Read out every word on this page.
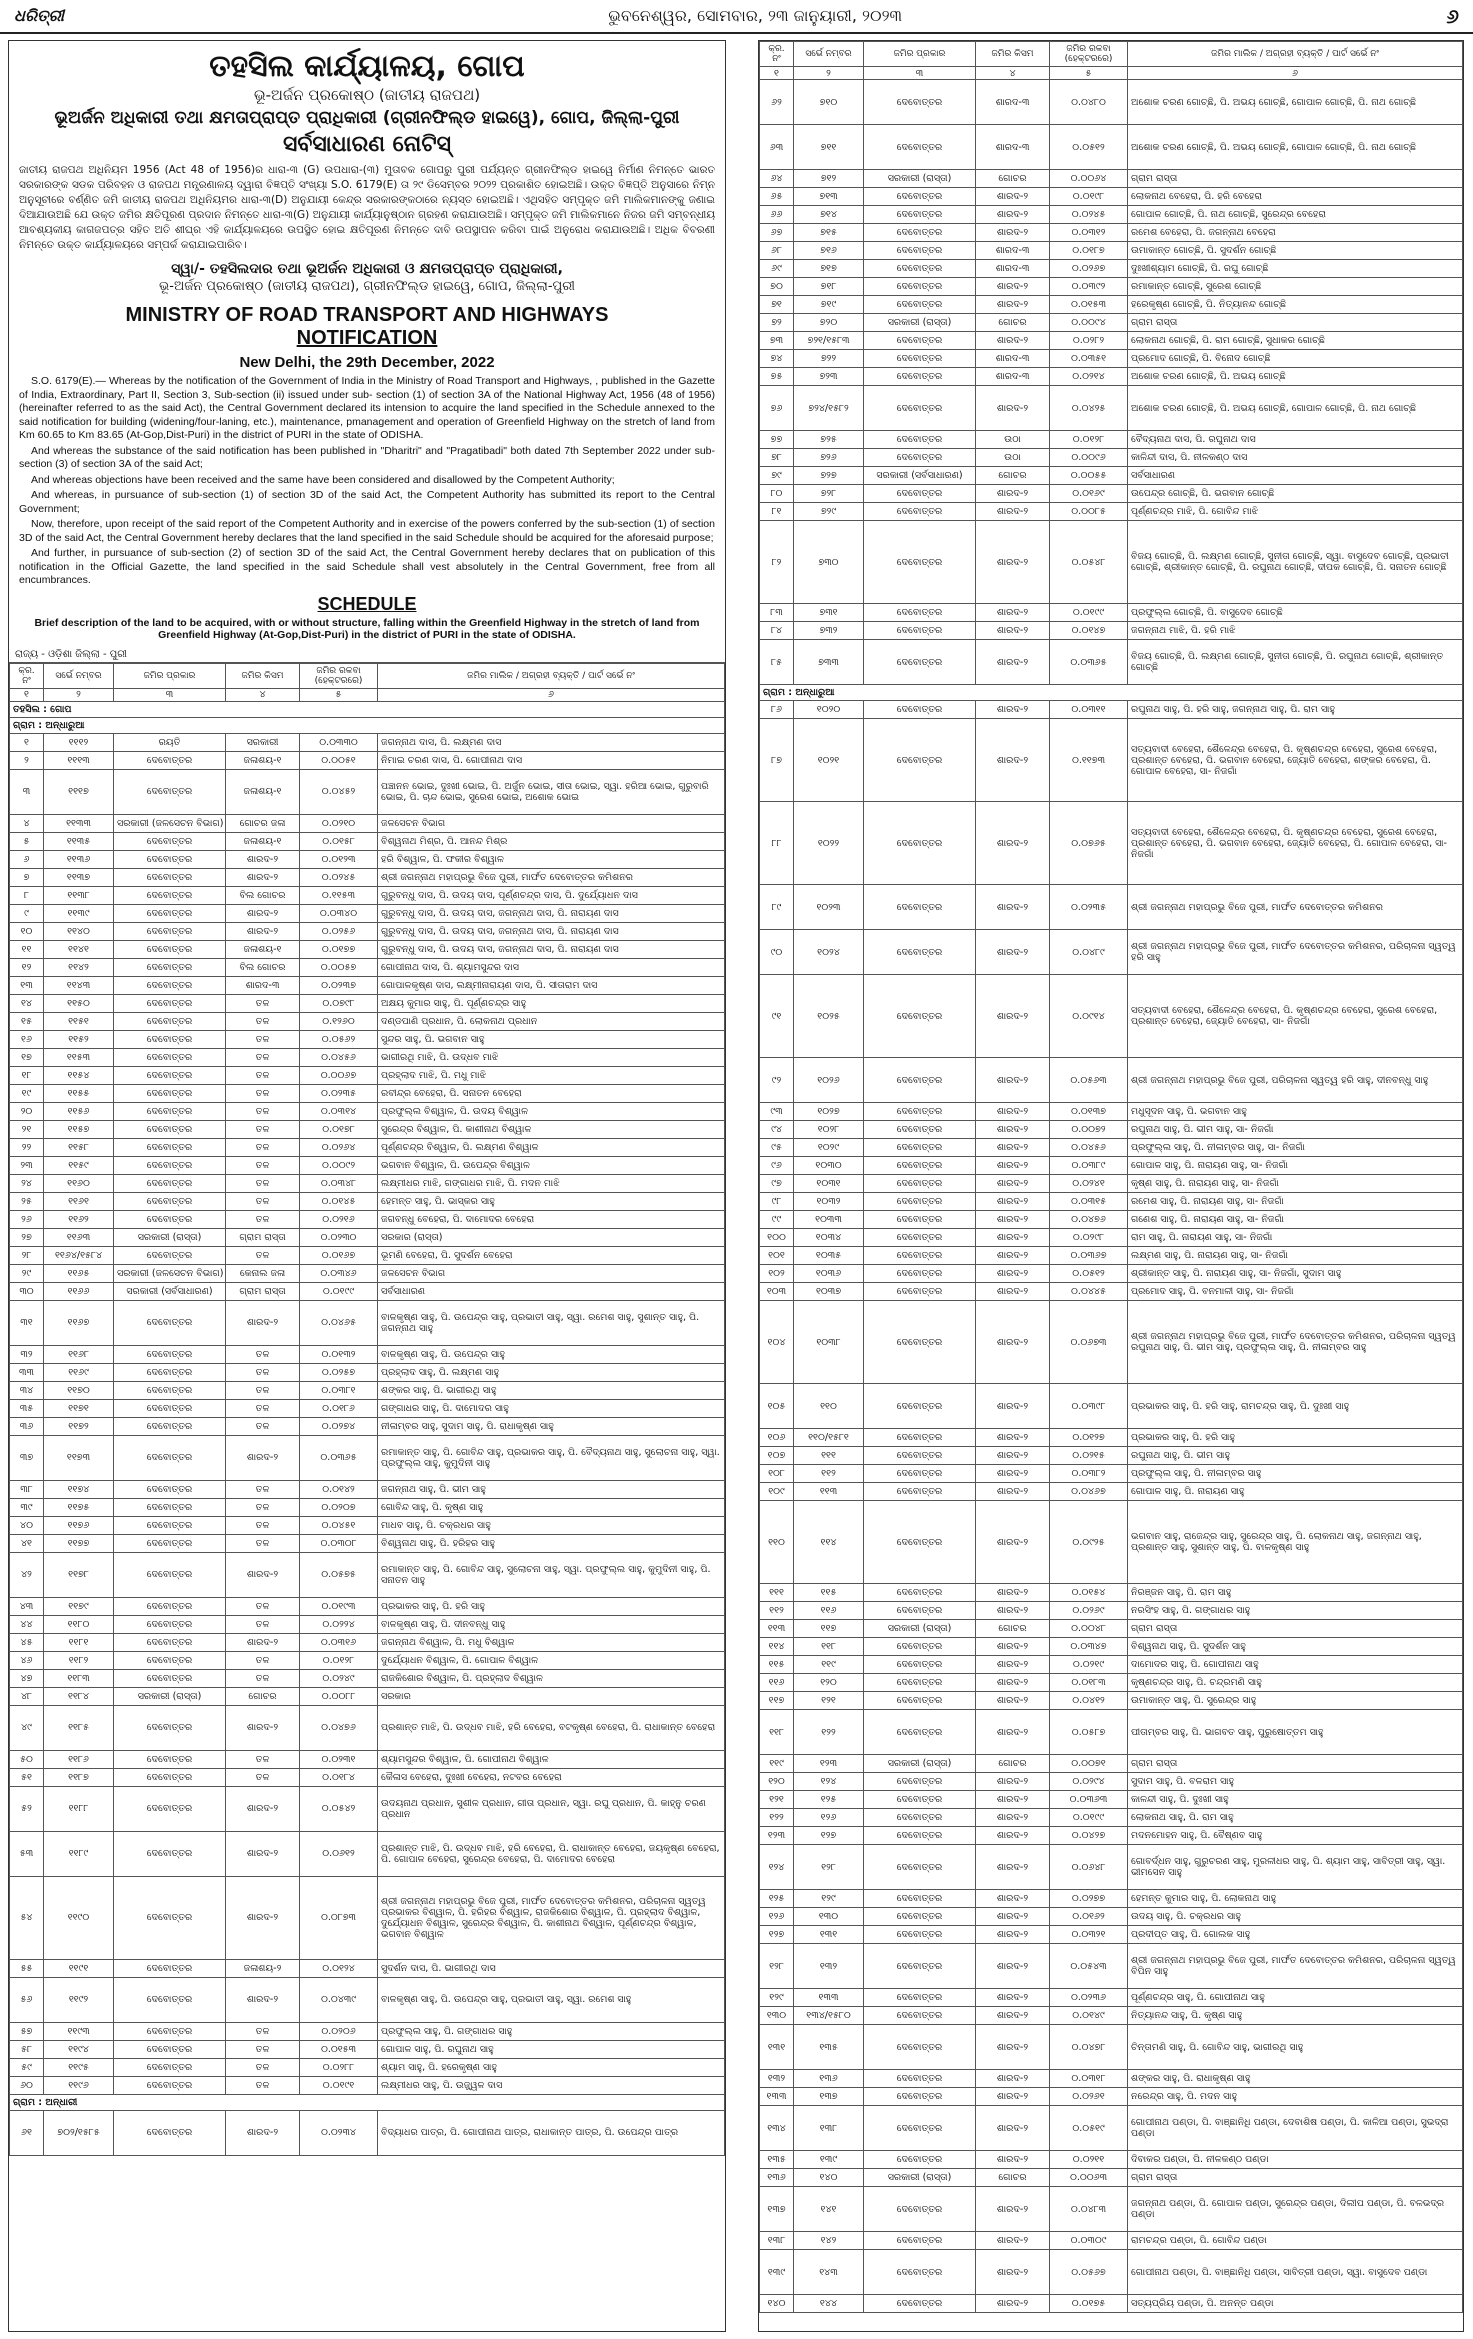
ଧରିତ୍ରୀ	ଭୁବନେଶ୍ୱର, ସୋମବାର, ୨୩ ଜାନୁୟାରୀ, ୨୦୨୩	୬
ତହସିଲ କାର୍ଯ୍ୟାଳୟ, ଗୋପ
ଭୂ-ଅର୍ଜନ ପ୍ରକୋଷ୍ଠ (ଜାତୀୟ ରାଜପଥ)
ଭୂଅର୍ଜନ ଅଧିକାରୀ ତଥା କ୍ଷମତାପ୍ରାପ୍ତ ପ୍ରାଧିକାରୀ (ଗ୍ରୀନଫିଲ୍ଡ ହାଇୱେ), ଗୋପ, ଜିଲ୍ଲା-ପୁରୀ
ସର୍ବସାଧାରଣ ନୋଟିସ୍

ଜାତୀୟ ରାଜପଥ ଅଧିନିୟମ 1956 (Act 48 of 1956)ର ଧାରା-୩ (G) ଉପଧାରା-(୩) ମୁତାବକ ଗୋପରୁ ପୁରୀ ପର୍ଯ୍ୟନ୍ତ ଗ୍ରୀନଫିଲ୍ଡ ହାଇୱେ ନିର୍ମାଣ ନିମନ୍ତେ ଭାରତ ସରକାରଙ୍କ ସଡକ ପରିବହନ ଓ ରାଜପଥ ମନ୍ତ୍ରଣାଳୟ ଦ୍ୱାରା ବିଜ୍ଞପ୍ତି ସଂଖ୍ୟା S.O. 6179(E) ତା ୨୯ ଡିସେମ୍ବର ୨୦୨୨ ପ୍ରକାଶିତ ହୋଇଅଛି। ଉକ୍ତ ବିଜ୍ଞପ୍ତି ଅନୁସାରେ ନିମ୍ନ ଅନୁସୂଚୀରେ ବର୍ଣ୍ଣିତ ଜମି ଜାତୀୟ ରାଜପଥ ଅଧିନିୟମର ଧାରା-୩(D) ଅନୁଯାୟୀ କେନ୍ଦ୍ର ସରକାରଙ୍କଠାରେ ନ୍ୟସ୍ତ ହୋଇଅଛି। ଏଥିସହିତ ସମ୍ପୃକ୍ତ ଜମି ମାଲିକମାନଙ୍କୁ ଜଣାଇ ଦିଆଯାଉଅଛି ଯେ ଉକ୍ତ ଜମିର କ୍ଷତିପୂରଣ ପ୍ରଦାନ ନିମନ୍ତେ ଧାରା-୩(G) ଅନୁଯାୟୀ କାର୍ଯ୍ୟାନୁଷ୍ଠାନ ଗ୍ରହଣ କରାଯାଉଅଛି। ସମ୍ପୃକ୍ତ ଜମି ମାଲିକମାନେ ନିଜର ଜମି ସମ୍ବନ୍ଧୀୟ ଆବଶ୍ୟକୀୟ କାଗଜପତ୍ର ସହିତ ଅତି ଶୀଘ୍ର ଏହି କାର୍ଯ୍ୟାଳୟରେ ଉପସ୍ଥିତ ହୋଇ କ୍ଷତିପୂରଣ ନିମନ୍ତେ ଦାବି ଉପସ୍ଥାପନ କରିବା ପାଇଁ ଅନୁରୋଧ କରାଯାଉଅଛି। ଅଧିକ ବିବରଣୀ ନିମନ୍ତେ ଉକ୍ତ କାର୍ଯ୍ୟାଳୟରେ ସମ୍ପର୍କ କରାଯାଇପାରିବ।

ସ୍ୱା/- ତହସିଲଦାର ତଥା ଭୂଅର୍ଜନ ଅଧିକାରୀ ଓ କ୍ଷମତାପ୍ରାପ୍ତ ପ୍ରାଧିକାରୀ,
ଭୂ-ଅର୍ଜନ ପ୍ରକୋଷ୍ଠ (ଜାତୀୟ ରାଜପଥ), ଗ୍ରୀନଫିଲ୍ଡ ହାଇୱେ, ଗୋପ, ଜିଲ୍ଲା-ପୁରୀ
MINISTRY OF ROAD TRANSPORT AND HIGHWAYS
NOTIFICATION
New Delhi, the 29th December, 2022

S.O. 6179(E).— Whereas by the notification of the Government of India in the Ministry of Road Transport and Highways, , published in the Gazette of India, Extraordinary, Part II, Section 3, Sub-section (ii) issued under sub- section (1) of section 3A of the National Highway Act, 1956 (48 of 1956) (hereinafter referred to as the said Act), the Central Government declared its intension to acquire the land specified in the Schedule annexed to the said notification for building (widening/four-laning, etc.), maintenance, pmanagement and operation of Greenfield Highway on the stretch of land from Km 60.65 to Km 83.65 (At-Gop,Dist-Puri) in the district of PURI in the state of ODISHA.

And whereas the substance of the said notification has been published in "Dharitri" and "Pragatibadi" both dated 7th September 2022 under sub-section (3) of section 3A of the said Act;

And whereas objections have been received and the same have been considered and disallowed by the Competent Authority;

And whereas, in pursuance of sub-section (1) of section 3D of the said Act, the Competent Authority has submitted its report to the Central Government;

Now, therefore, upon receipt of the said report of the Competent Authority and in exercise of the powers conferred by the sub-section (1) of section 3D of the said Act, the Central Government hereby declares that the land specified in the said Schedule should be acquired for the aforesaid purpose;

And further, in pursuance of sub-section (2) of section 3D of the said Act, the Central Government hereby declares that on publication of this notification in the Official Gazette, the land specified in the said Schedule shall vest absolutely in the Central Government, free from all encumbrances.

SCHEDULE
Brief description of the land to be acquired, with or without structure, falling within the Greenfield Highway in the stretch of land from Greenfield Highway (At-Gop,Dist-Puri) in the district of PURI in the state of ODISHA.
ରାଜ୍ୟ - ଓଡ଼ିଶା ଜିଲ୍ଲା - ପୁରୀ
କ୍ର. ନଂ	ସର୍ଭେ ନମ୍ବର	ଜମିର ପ୍ରକାର	ଜମିର କିସମ	ଜମିର ରକବା (ହେକ୍ଟରରେ)	ଜମିର ମାଲିକ / ଅଗ୍ରହୀ ବ୍ୟକ୍ତି / ପାର୍ଟ ସର୍ଭେ ନଂ
୧	୨	୩	୪	୫	୬
ତହସିଲ : ଗୋପ					
ଗ୍ରାମ : ଅନ୍ଧାରୁଆ					
୧	୧୧୧୨	ରୟତି	ସରକାରୀ	୦.୦୩୩୦	ଜଗନ୍ନାଥ ଦାସ, ପି. ଲକ୍ଷ୍ମଣ ଦାସ
୨	୧୧୧୩	ଦେବୋତ୍ତର	ଜଳାଶୟ-୧	୦.୦୦୫୧	ନିମାଇ ଚରଣ ଦାସ, ପି. ଗୋପୀନାଥ ଦାସ
୩	୧୧୧୭	ଦେବୋତ୍ତର	ଜଳାଶୟ-୧	୦.୦୪୫୨	ପଞ୍ଚାନନ ଭୋଇ, ଦୁଃଖୀ ଭୋଇ, ପି. ଅର୍ଜୁନ ଭୋଇ, ସୀତା ଭୋଇ, ସ୍ୱା. ହରିଆ ଭୋଇ, ଗୁରୁବାରି ଭୋଇ, ପି. ଚାନ୍ଦ ଭୋଇ, ସୁରେଶ ଭୋଇ, ଅଶୋକ ଭୋଇ
୪	୧୧୩୩	ସରକାରୀ (ଜଳସେଚନ ବିଭାଗ)	ଗୋଚର ଜଳା	୦.୦୨୧୦	ଜଳସେଚନ ବିଭାଗ
୫	୧୧୩୫	ଦେବୋତ୍ତର	ଜଳାଶୟ-୧	୦.୦୧୫୮	ବିଶ୍ୱନାଥ ମିଶ୍ର, ପି. ଆନନ୍ଦ ମିଶ୍ର
୬	୧୧୩୬	ଦେବୋତ୍ତର	ଶାରଦ-୨	୦.୦୧୨୩	ହରି ବିଶ୍ୱାଳ, ପି. ଫକୀର ବିଶ୍ୱାଳ
୭	୧୧୩୭	ଦେବୋତ୍ତର	ଶାରଦ-୨	୦.୦୨୪୫	ଶ୍ରୀ ଜଗନ୍ନାଥ ମହାପ୍ରଭୁ ବିଜେ ପୁରୀ, ମାର୍ଫତ ଦେବୋତ୍ତର କମିଶନର
୮	୧୧୩୮	ଦେବୋତ୍ତର	ବିଲ ଗୋଚର	୦.୧୧୫୩	ଗୁରୁବନ୍ଧୁ ଦାସ, ପି. ଉଦୟ ଦାସ, ପୂର୍ଣ୍ଣଚନ୍ଦ୍ର ଦାସ, ପି. ଦୁର୍ଯ୍ୟୋଧନ ଦାସ
୯	୧୧୩୯	ଦେବୋତ୍ତର	ଶାରଦ-୨	୦.୦୩୪୦	ଗୁରୁବନ୍ଧୁ ଦାସ, ପି. ଉଦୟ ଦାସ, ଜଗନ୍ନାଥ ଦାସ, ପି. ନାରାୟଣ ଦାସ
୧୦	୧୧୪୦	ଦେବୋତ୍ତର	ଶାରଦ-୨	୦.୦୨୫୬	ଗୁରୁବନ୍ଧୁ ଦାସ, ପି. ଉଦୟ ଦାସ, ଜଗନ୍ନାଥ ଦାସ, ପି. ନାରାୟଣ ଦାସ
୧୧	୧୧୪୧	ଦେବୋତ୍ତର	ଜଳାଶୟ-୧	୦.୦୧୭୭	ଗୁରୁବନ୍ଧୁ ଦାସ, ପି. ଉଦୟ ଦାସ, ଜଗନ୍ନାଥ ଦାସ, ପି. ନାରାୟଣ ଦାସ
୧୨	୧୧୪୨	ଦେବୋତ୍ତର	ବିଲ ଗୋଚର	୦.୦୦୫୭	ଗୋପୀନାଥ ଦାସ, ପି. ଶ୍ୟାମସୁନ୍ଦର ଦାସ
୧୩	୧୧୪୩	ଦେବୋତ୍ତର	ଶାରଦ-୩	୦.୦୨୩୭	ଗୋପାଳକୃଷ୍ଣ ଦାସ, ଲକ୍ଷ୍ମୀନାରାୟଣ ଦାସ, ପି. ସୀତାରାମ ଦାସ
୧୪	୧୧୫୦	ଦେବୋତ୍ତର	ତଳ	୦.୦୭୯୮	ଅକ୍ଷୟ କୁମାର ସାହୁ, ପି. ପୂର୍ଣ୍ଣଚନ୍ଦ୍ର ସାହୁ
୧୫	୧୧୫୧	ଦେବୋତ୍ତର	ତଳ	୦.୧୨୬୦	ଦଣ୍ଡପାଣି ପ୍ରଧାନ, ପି. ଲୋକନାଥ ପ୍ରଧାନ
୧୬	୧୧୫୨	ଦେବୋତ୍ତର	ତଳ	୦.୦୫୬୨	ସୁନ୍ଦର ସାହୁ, ପି. ଭଗବାନ ସାହୁ
୧୭	୧୧୫୩	ଦେବୋତ୍ତର	ତଳ	୦.୦୪୫୬	ଭାଗୀରଥି ମାଝି, ପି. ଉଦ୍ଧବ ମାଝି
୧୮	୧୧୫୪	ଦେବୋତ୍ତର	ତଳ	୦.୦୦୬୭	ପ୍ରହ୍ଲାଦ ମାଝି, ପି. ମଧୁ ମାଝି
୧୯	୧୧୫୫	ଦେବୋତ୍ତର	ତଳ	୦.୦୨୩୫	ରବୀନ୍ଦ୍ର ବେହେରା, ପି. ସନାତନ ବେହେରା
୨୦	୧୧୫୬	ଦେବୋତ୍ତର	ତଳ	୦.୦୩୧୪	ପ୍ରଫୁଲ୍ଲ ବିଶ୍ୱାଳ, ପି. ଉଦୟ ବିଶ୍ୱାଳ
୨୧	୧୧୫୭	ଦେବୋତ୍ତର	ତଳ	୦.୦୧୭୮	ସୁରେନ୍ଦ୍ର ବିଶ୍ୱାଳ, ପି. କାଶୀନାଥ ବିଶ୍ୱାଳ
୨୨	୧୧୫୮	ଦେବୋତ୍ତର	ତଳ	୦.୦୨୬୪	ପୂର୍ଣ୍ଣଚନ୍ଦ୍ର ବିଶ୍ୱାଳ, ପି. ଲକ୍ଷ୍ମଣ ବିଶ୍ୱାଳ
୨୩	୧୧୫୯	ଦେବୋତ୍ତର	ତଳ	୦.୦୦୯୨	ଭଗବାନ ବିଶ୍ୱାଳ, ପି. ଉପେନ୍ଦ୍ର ବିଶ୍ୱାଳ
୨୪	୧୧୬୦	ଦେବୋତ୍ତର	ତଳ	୦.୦୩୪୮	ଲକ୍ଷ୍ମୀଧର ମାଝି, ଗଙ୍ଗାଧର ମାଝି, ପି. ମଦନ ମାଝି
୨୫	୧୧୬୧	ଦେବୋତ୍ତର	ତଳ	୦.୦୧୪୫	ହେମନ୍ତ ସାହୁ, ପି. ଭାସ୍କର ସାହୁ
୨୬	୧୧୬୨	ଦେବୋତ୍ତର	ତଳ	୦.୦୨୧୬	ଜଗବନ୍ଧୁ ବେହେରା, ପି. ଦାମୋଦର ବେହେରା
୨୭	୧୧୬୩	ସରକାରୀ (ରାସ୍ତା)	ଗ୍ରାମ ରାସ୍ତା	୦.୦୨୩୦	ସରକାର (ରାସ୍ତା)
୨୮	୧୧୬୪/୧୫୮୪	ଦେବୋତ୍ତର	ତଳ	୦.୦୧୬୭	ଭୂମଣି ବେହେରା, ପି. ସୁଦର୍ଶନ ବେହେରା
୨୯	୧୧୬୫	ସରକାରୀ (ଜଳସେଚନ ବିଭାଗ)	କେନାଲ ଜଳା	୦.୦୩୪୬	ଜଳସେଚନ ବିଭାଗ
୩୦	୧୧୬୬	ସରକାରୀ (ସର୍ବସାଧାରଣ)	ଗ୍ରାମ ରାସ୍ତା	୦.୦୧୯୯	ସର୍ବସାଧାରଣ
୩୧	୧୧୬୭	ଦେବୋତ୍ତର	ଶାରଦ-୨	୦.୦୪୬୫	ବାଳକୃଷ୍ଣ ସାହୁ, ପି. ଉପେନ୍ଦ୍ର ସାହୁ, ପ୍ରଭାତୀ ସାହୁ, ସ୍ୱା. ରମେଶ ସାହୁ, ସୁଶାନ୍ତ ସାହୁ, ପି. ଜଗନ୍ନାଥ ସାହୁ
୩୨	୧୧୬୮	ଦେବୋତ୍ତର	ତଳ	୦.୦୧୩୨	ବାଳକୃଷ୍ଣ ସାହୁ, ପି. ଉପେନ୍ଦ୍ର ସାହୁ
୩୩	୧୧୬୯	ଦେବୋତ୍ତର	ତଳ	୦.୦୨୫୭	ପ୍ରହ୍ଲାଦ ସାହୁ, ପି. ଲକ୍ଷ୍ମଣ ସାହୁ
୩୪	୧୧୭୦	ଦେବୋତ୍ତର	ତଳ	୦.୦୩୮୧	ଶଙ୍କର ସାହୁ, ପି. ଭାଗୀରଥି ସାହୁ
୩୫	୧୧୭୧	ଦେବୋତ୍ତର	ତଳ	୦.୦୧୮୬	ଗଙ୍ଗାଧର ସାହୁ, ପି. ଦାମୋଦର ସାହୁ
୩୬	୧୧୭୨	ଦେବୋତ୍ତର	ତଳ	୦.୦୨୭୪	ନୀଳାମ୍ବର ସାହୁ, ସୁଦାମ ସାହୁ, ପି. ରାଧାକୃଷ୍ଣ ସାହୁ
୩୭	୧୧୭୩	ଦେବୋତ୍ତର	ଶାରଦ-୨	୦.୦୩୬୫	ରମାକାନ୍ତ ସାହୁ, ପି. ଗୋବିନ୍ଦ ସାହୁ, ପ୍ରଭାକର ସାହୁ, ପି. ବୈଦ୍ୟନାଥ ସାହୁ, ସୁଲୋଚନା ସାହୁ, ସ୍ୱା. ପ୍ରଫୁଲ୍ଲ ସାହୁ, କୁମୁଦିନୀ ସାହୁ
୩୮	୧୧୭୪	ଦେବୋତ୍ତର	ତଳ	୦.୦୧୪୨	ଜଗନ୍ନାଥ ସାହୁ, ପି. ଭୀମ ସାହୁ
୩୯	୧୧୭୫	ଦେବୋତ୍ତର	ତଳ	୦.୦୨୦୭	ଗୋବିନ୍ଦ ସାହୁ, ପି. କୃଷ୍ଣ ସାହୁ
୪୦	୧୧୭୬	ଦେବୋତ୍ତର	ତଳ	୦.୦୪୫୧	ମାଧବ ସାହୁ, ପି. ଚକ୍ରଧର ସାହୁ
୪୧	୧୧୭୭	ଦେବୋତ୍ତର	ତଳ	୦.୦୩୦୮	ବିଶ୍ୱନାଥ ସାହୁ, ପି. ହରିହର ସାହୁ
୪୨	୧୧୭୮	ଦେବୋତ୍ତର	ଶାରଦ-୨	୦.୦୫୭୫	ରମାକାନ୍ତ ସାହୁ, ପି. ଗୋବିନ୍ଦ ସାହୁ, ସୁଲୋଚନା ସାହୁ, ସ୍ୱା. ପ୍ରଫୁଲ୍ଲ ସାହୁ, କୁମୁଦିନୀ ସାହୁ, ପି. ସନାତନ ସାହୁ
୪୩	୧୧୭୯	ଦେବୋତ୍ତର	ତଳ	୦.୦୧୯୩	ପ୍ରଭାକର ସାହୁ, ପି. ହରି ସାହୁ
୪୪	୧୧୮୦	ଦେବୋତ୍ତର	ତଳ	୦.୦୨୨୪	ବାଳକୃଷ୍ଣ ସାହୁ, ପି. ଦୀନବନ୍ଧୁ ସାହୁ
୪୫	୧୧୮୧	ଦେବୋତ୍ତର	ଶାରଦ-୨	୦.୦୩୧୬	ଜଗନ୍ନାଥ ବିଶ୍ୱାଳ, ପି. ମଧୁ ବିଶ୍ୱାଳ
୪୬	୧୧୮୨	ଦେବୋତ୍ତର	ତଳ	୦.୦୧୨୮	ଦୁର୍ଯ୍ୟୋଧନ ବିଶ୍ୱାଳ, ପି. ଗୋପାଳ ବିଶ୍ୱାଳ
୪୭	୧୧୮୩	ଦେବୋତ୍ତର	ତଳ	୦.୦୨୪୯	ରାଜକିଶୋର ବିଶ୍ୱାଳ, ପି. ପ୍ରହ୍ଲାଦ ବିଶ୍ୱାଳ
୪୮	୧୧୮୪	ସରକାରୀ (ରାସ୍ତା)	ଗୋଚର	୦.୦୦୮୮	ସରକାର
୪୯	୧୧୮୫	ଦେବୋତ୍ତର	ଶାରଦ-୨	୦.୦୪୭୬	ପ୍ରଶାନ୍ତ ମାଝି, ପି. ଉଦ୍ଧବ ମାଝି, ହରି ବେହେରା, ବଟକୃଷ୍ଣ ବେହେରା, ପି. ରାଧାକାନ୍ତ ବେହେରା
୫୦	୧୧୮୬	ଦେବୋତ୍ତର	ତଳ	୦.୦୨୩୧	ଶ୍ୟାମସୁନ୍ଦର ବିଶ୍ୱାଳ, ପି. ଗୋପୀନାଥ ବିଶ୍ୱାଳ
୫୧	୧୧୮୭	ଦେବୋତ୍ତର	ତଳ	୦.୦୧୮୪	କୈଳାସ ବେହେରା, ଦୁଃଖୀ ବେହେରା, ନଟବର ବେହେରା
୫୨	୧୧୮୮	ଦେବୋତ୍ତର	ଶାରଦ-୨	୦.୦୫୪୨	ଉଦୟନାଥ ପ୍ରଧାନ, ସୁଶୀଳ ପ୍ରଧାନ, ଗୀତା ପ୍ରଧାନ, ସ୍ୱା. ରଘୁ ପ୍ରଧାନ, ପି. କାହ୍ନୁ ଚରଣ ପ୍ରଧାନ
୫୩	୧୧୮୯	ଦେବୋତ୍ତର	ଶାରଦ-୨	୦.୦୬୧୨	ପ୍ରଶାନ୍ତ ମାଝି, ପି. ଉଦ୍ଧବ ମାଝି, ହରି ବେହେରା, ପି. ରାଧାକାନ୍ତ ବେହେରା, ଜୟକୃଷ୍ଣ ବେହେରା, ପି. ଗୋପାଳ ବେହେରା, ସୁରେନ୍ଦ୍ର ବେହେରା, ପି. ଦାମୋଦର ବେହେରା
୫୪	୧୧୯୦	ଦେବୋତ୍ତର	ଶାରଦ-୨	୦.୦୮୭୩	ଶ୍ରୀ ଜଗନ୍ନାଥ ମହାପ୍ରଭୁ ବିଜେ ପୁରୀ, ମାର୍ଫତ ଦେବୋତ୍ତର କମିଶନର, ପରିଚାଳନା ସ୍ୱତ୍ୱ ପ୍ରଭାକର ବିଶ୍ୱାଳ, ପି. ହରିହର ବିଶ୍ୱାଳ, ରାଜକିଶୋର ବିଶ୍ୱାଳ, ପି. ପ୍ରହ୍ଲାଦ ବିଶ୍ୱାଳ, ଦୁର୍ଯ୍ୟୋଧନ ବିଶ୍ୱାଳ, ସୁରେନ୍ଦ୍ର ବିଶ୍ୱାଳ, ପି. କାଶୀନାଥ ବିଶ୍ୱାଳ, ପୂର୍ଣ୍ଣଚନ୍ଦ୍ର ବିଶ୍ୱାଳ, ଭଗବାନ ବିଶ୍ୱାଳ
୫୫	୧୧୯୧	ଦେବୋତ୍ତର	ଜଳାଶୟ-୨	୦.୦୧୨୪	ସୁଦର୍ଶନ ଦାସ, ପି. ଭାଗୀରଥି ଦାସ
୫୬	୧୧୯୨	ଦେବୋତ୍ତର	ଶାରଦ-୨	୦.୦୪୩୯	ବାଳକୃଷ୍ଣ ସାହୁ, ପି. ଉପେନ୍ଦ୍ର ସାହୁ, ପ୍ରଭାତୀ ସାହୁ, ସ୍ୱା. ରମେଶ ସାହୁ
୫୭	୧୧୯୩	ଦେବୋତ୍ତର	ତଳ	୦.୦୨୦୬	ପ୍ରଫୁଲ୍ଲ ସାହୁ, ପି. ଗଙ୍ଗାଧର ସାହୁ
୫୮	୧୧୯୪	ଦେବୋତ୍ତର	ତଳ	୦.୦୧୫୩	ଗୋପାଳ ସାହୁ, ପି. ରଘୁନାଥ ସାହୁ
୫୯	୧୧୯୫	ଦେବୋତ୍ତର	ତଳ	୦.୦୨୮୮	ଶ୍ୟାମ ସାହୁ, ପି. ହରେକୃଷ୍ଣ ସାହୁ
୬୦	୧୧୯୬	ଦେବୋତ୍ତର	ତଳ	୦.୦୧୯୧	ଲକ୍ଷ୍ମୀଧର ସାହୁ, ପି. ଉଜ୍ଜ୍ୱଳ ଦାସ
ଗ୍ରାମ : ଅନ୍ଧାରୀ					
୬୧	୭୦୨/୧୫୮୫	ଦେବୋତ୍ତର	ଶାରଦ-୨	୦.୦୨୩୪	ବିଦ୍ୟାଧର ପାତ୍ର, ପି. ଗୋପୀନାଥ ପାତ୍ର, ରାଧାକାନ୍ତ ପାତ୍ର, ପି. ଉପେନ୍ଦ୍ର ପାତ୍ର
କ୍ର. ନଂ	ସର୍ଭେ ନମ୍ବର	ଜମିର ପ୍ରକାର	ଜମିର କିସମ	ଜମିର ରକବା (ହେକ୍ଟରରେ)	ଜମିର ମାଲିକ / ଅଗ୍ରହୀ ବ୍ୟକ୍ତି / ପାର୍ଟ ସର୍ଭେ ନଂ
୧	୨	୩	୪	୫	୬
୬୨	୭୧୦	ଦେବୋତ୍ତର	ଶାରଦ-୩	୦.୦୪୮୦	ଅଶୋକ ଚରଣ ଗୋଚ୍ଛି, ପି. ଅଭୟ ଗୋଚ୍ଛି, ଗୋପାଳ ଗୋଚ୍ଛି, ପି. ନାଥ ଗୋଚ୍ଛି
୬୩	୭୧୧	ଦେବୋତ୍ତର	ଶାରଦ-୩	୦.୦୫୧୨	ଅଶୋକ ଚରଣ ଗୋଚ୍ଛି, ପି. ଅଭୟ ଗୋଚ୍ଛି, ଗୋପାଳ ଗୋଚ୍ଛି, ପି. ନାଥ ଗୋଚ୍ଛି
୬୪	୭୧୨	ସରକାରୀ (ରାସ୍ତା)	ଗୋଚର	୦.୦୦୬୪	ଗ୍ରାମ ରାସ୍ତା
୬୫	୭୧୩	ଦେବୋତ୍ତର	ଶାରଦ-୨	୦.୦୧୯୮	ଲୋକନାଥ ବେହେରା, ପି. ହରି ବେହେରା
୬୬	୭୧୪	ଦେବୋତ୍ତର	ଶାରଦ-୨	୦.୦୨୪୫	ଗୋପାଳ ଗୋଚ୍ଛି, ପି. ନାଥ ଗୋଚ୍ଛି, ସୁରେନ୍ଦ୍ର ବେହେରା
୬୭	୭୧୫	ଦେବୋତ୍ତର	ଶାରଦ-୨	୦.୦୩୧୨	ରମେଶ ବେହେରା, ପି. ଜଗନ୍ନାଥ ବେହେରା
୬୮	୭୧୬	ଦେବୋତ୍ତର	ଶାରଦ-୩	୦.୦୧୮୭	ଉମାକାନ୍ତ ଗୋଚ୍ଛି, ପି. ସୁଦର୍ଶନ ଗୋଚ୍ଛି
୬୯	୭୧୭	ଦେବୋତ୍ତର	ଶାରଦ-୩	୦.୦୨୬୭	ଦୁଃଖୀଶ୍ୟାମ ଗୋଚ୍ଛି, ପି. ରଘୁ ଗୋଚ୍ଛି
୭୦	୭୧୮	ଦେବୋତ୍ତର	ଶାରଦ-୨	୦.୦୩୯୨	ରମାକାନ୍ତ ଗୋଚ୍ଛି, ସୁରେଶ ଗୋଚ୍ଛି
୭୧	୭୧୯	ଦେବୋତ୍ତର	ଶାରଦ-୨	୦.୦୧୫୩	ହରେକୃଷ୍ଣ ଗୋଚ୍ଛି, ପି. ନିତ୍ୟାନନ୍ଦ ଗୋଚ୍ଛି
୭୨	୭୨୦	ସରକାରୀ (ରାସ୍ତା)	ଗୋଚର	୦.୦୦୯୪	ଗ୍ରାମ ରାସ୍ତା
୭୩	୭୨୧/୧୫୮୩	ଦେବୋତ୍ତର	ଶାରଦ-୨	୦.୦୨୮୨	ଲୋକନାଥ ଗୋଚ୍ଛି, ପି. ରାମ ଗୋଚ୍ଛି, ସୁଧାକର ଗୋଚ୍ଛି
୭୪	୭୨୨	ଦେବୋତ୍ତର	ଶାରଦ-୩	୦.୦୩୫୧	ପ୍ରମୋଦ ଗୋଚ୍ଛି, ପି. ବିନୋଦ ଗୋଚ୍ଛି
୭୫	୭୨୩	ଦେବୋତ୍ତର	ଶାରଦ-୩	୦.୦୨୧୪	ଅଶୋକ ଚରଣ ଗୋଚ୍ଛି, ପି. ଅଭୟ ଗୋଚ୍ଛି
୭୬	୭୨୪/୧୫୮୨	ଦେବୋତ୍ତର	ଶାରଦ-୨	୦.୦୪୨୫	ଅଶୋକ ଚରଣ ଗୋଚ୍ଛି, ପି. ଅଭୟ ଗୋଚ୍ଛି, ଗୋପାଳ ଗୋଚ୍ଛି, ପି. ନାଥ ଗୋଚ୍ଛି
୭୭	୭୨୫	ଦେବୋତ୍ତର	ଉଠା	୦.୦୧୨୮	ବୈଦ୍ୟନାଥ ଦାସ, ପି. ରଘୁନାଥ ଦାସ
୭୮	୭୨୬	ଦେବୋତ୍ତର	ଉଠା	୦.୦୦୯୬	କାଳିନ୍ଦୀ ଦାସ, ପି. ନୀଳକଣ୍ଠ ଦାସ
୭୯	୭୨୭	ସରକାରୀ (ସର୍ବସାଧାରଣ)	ଗୋଚର	୦.୦୦୫୫	ସର୍ବସାଧାରଣ
୮୦	୭୨୮	ଦେବୋତ୍ତର	ଶାରଦ-୨	୦.୦୧୬୯	ଉପେନ୍ଦ୍ର ଗୋଚ୍ଛି, ପି. ଭଗବାନ ଗୋଚ୍ଛି
୮୧	୭୨୯	ଦେବୋତ୍ତର	ଶାରଦ-୨	୦.୦୦୮୫	ପୂର୍ଣ୍ଣଚନ୍ଦ୍ର ମାଝି, ପି. ଗୋବିନ୍ଦ ମାଝି
୮୨	୭୩୦	ଦେବୋତ୍ତର	ଶାରଦ-୨	୦.୦୫୪୮	ବିଜୟ ଗୋଚ୍ଛି, ପି. ଲକ୍ଷ୍ମଣ ଗୋଚ୍ଛି, ସୁନୀତା ଗୋଚ୍ଛି, ସ୍ୱା. ବାସୁଦେବ ଗୋଚ୍ଛି, ପ୍ରଭାତୀ ଗୋଚ୍ଛି, ଶ୍ରୀକାନ୍ତ ଗୋଚ୍ଛି, ପି. ରଘୁନାଥ ଗୋଚ୍ଛି, ଦୀପକ ଗୋଚ୍ଛି, ପି. ସନାତନ ଗୋଚ୍ଛି
୮୩	୭୩୧	ଦେବୋତ୍ତର	ଶାରଦ-୨	୦.୦୧୯୯	ପ୍ରଫୁଲ୍ଲ ଗୋଚ୍ଛି, ପି. ବାସୁଦେବ ଗୋଚ୍ଛି
୮୪	୭୩୨	ଦେବୋତ୍ତର	ଶାରଦ-୨	୦.୦୧୪୭	ଜଗନ୍ନାଥ ମାଝି, ପି. ହରି ମାଝି
୮୫	୭୩୩	ଦେବୋତ୍ତର	ଶାରଦ-୨	୦.୦୩୬୫	ବିଜୟ ଗୋଚ୍ଛି, ପି. ଲକ୍ଷ୍ମଣ ଗୋଚ୍ଛି, ସୁନୀତା ଗୋଚ୍ଛି, ପି. ରଘୁନାଥ ଗୋଚ୍ଛି, ଶ୍ରୀକାନ୍ତ ଗୋଚ୍ଛି
ଗ୍ରାମ : ଅନ୍ଧାରୁଆ					
୮୬	୧୦୨୦	ଦେବୋତ୍ତର	ଶାରଦ-୨	୦.୦୩୧୧	ରଘୁନାଥ ସାହୁ, ପି. ହରି ସାହୁ, ଜଗନ୍ନାଥ ସାହୁ, ପି. ରାମ ସାହୁ
୮୭	୧୦୨୧	ଦେବୋତ୍ତର	ଶାରଦ-୨	୦.୧୧୭୩	ସତ୍ୟବାଦୀ ବେହେରା, ଶୈଳେନ୍ଦ୍ର ବେହେରା, ପି. କୃଷ୍ଣଚନ୍ଦ୍ର ବେହେରା, ସୁରେଶ ବେହେରା, ପ୍ରଶାନ୍ତ ବେହେରା, ପି. ଭଗବାନ ବେହେରା, ଜ୍ୟୋତି ବେହେରା, ଶଙ୍କର ବେହେରା, ପି. ଗୋପାଳ ବେହେରା, ସା- ନିଜଗାଁ
୮୮	୧୦୨୨	ଦେବୋତ୍ତର	ଶାରଦ-୨	୦.୦୭୬୫	ସତ୍ୟବାଦୀ ବେହେରା, ଶୈଳେନ୍ଦ୍ର ବେହେରା, ପି. କୃଷ୍ଣଚନ୍ଦ୍ର ବେହେରା, ସୁରେଶ ବେହେରା, ପ୍ରଶାନ୍ତ ବେହେରା, ପି. ଭଗବାନ ବେହେରା, ଜ୍ୟୋତି ବେହେରା, ପି. ଗୋପାଳ ବେହେରା, ସା- ନିଜଗାଁ
୮୯	୧୦୨୩	ଦେବୋତ୍ତର	ଶାରଦ-୨	୦.୦୨୩୫	ଶ୍ରୀ ଜଗନ୍ନାଥ ମହାପ୍ରଭୁ ବିଜେ ପୁରୀ, ମାର୍ଫତ ଦେବୋତ୍ତର କମିଶନର
୯୦	୧୦୨୪	ଦେବୋତ୍ତର	ଶାରଦ-୨	୦.୦୪୮୯	ଶ୍ରୀ ଜଗନ୍ନାଥ ମହାପ୍ରଭୁ ବିଜେ ପୁରୀ, ମାର୍ଫତ ଦେବୋତ୍ତର କମିଶନର, ପରିଚାଳନା ସ୍ୱତ୍ୱ ହରି ସାହୁ
୯୧	୧୦୨୫	ଦେବୋତ୍ତର	ଶାରଦ-୨	୦.୦୯୧୪	ସତ୍ୟବାଦୀ ବେହେରା, ଶୈଳେନ୍ଦ୍ର ବେହେରା, ପି. କୃଷ୍ଣଚନ୍ଦ୍ର ବେହେରା, ସୁରେଶ ବେହେରା, ପ୍ରଶାନ୍ତ ବେହେରା, ଜ୍ୟୋତି ବେହେରା, ସା- ନିଜଗାଁ
୯୨	୧୦୨୬	ଦେବୋତ୍ତର	ଶାରଦ-୨	୦.୦୫୬୩	ଶ୍ରୀ ଜଗନ୍ନାଥ ମହାପ୍ରଭୁ ବିଜେ ପୁରୀ, ପରିଚାଳନା ସ୍ୱତ୍ୱ ହରି ସାହୁ, ଦୀନବନ୍ଧୁ ସାହୁ
୯୩	୧୦୨୭	ଦେବୋତ୍ତର	ଶାରଦ-୨	୦.୦୧୩୭	ମଧୁସୂଦନ ସାହୁ, ପି. ଭଗବାନ ସାହୁ
୯୪	୧୦୨୮	ଦେବୋତ୍ତର	ଶାରଦ-୨	୦.୦୦୭୨	ରଘୁନାଥ ସାହୁ, ପି. ଭୀମ ସାହୁ, ସା- ନିଜଗାଁ
୯୫	୧୦୨୯	ଦେବୋତ୍ତର	ଶାରଦ-୨	୦.୦୪୫୬	ପ୍ରଫୁଲ୍ଲ ସାହୁ, ପି. ନୀଳାମ୍ବର ସାହୁ, ସା- ନିଜଗାଁ
୯୬	୧୦୩୦	ଦେବୋତ୍ତର	ଶାରଦ-୨	୦.୦୩୮୯	ଗୋପାଳ ସାହୁ, ପି. ନାରାୟଣ ସାହୁ, ସା- ନିଜଗାଁ
୯୭	୧୦୩୧	ଦେବୋତ୍ତର	ଶାରଦ-୨	୦.୦୨୪୧	କୃଷ୍ଣ ସାହୁ, ପି. ନାରାୟଣ ସାହୁ, ସା- ନିଜଗାଁ
୯୮	୧୦୩୨	ଦେବୋତ୍ତର	ଶାରଦ-୨	୦.୦୩୧୫	ରମେଶ ସାହୁ, ପି. ନାରାୟଣ ସାହୁ, ସା- ନିଜଗାଁ
୯୯	୧୦୩୩	ଦେବୋତ୍ତର	ଶାରଦ-୨	୦.୦୪୭୬	ଗଣେଶ ସାହୁ, ପି. ନାରାୟଣ ସାହୁ, ସା- ନିଜଗାଁ
୧୦୦	୧୦୩୪	ଦେବୋତ୍ତର	ଶାରଦ-୨	୦.୦୨୯୮	ରାମ ସାହୁ, ପି. ନାରାୟଣ ସାହୁ, ସା- ନିଜଗାଁ
୧୦୧	୧୦୩୫	ଦେବୋତ୍ତର	ଶାରଦ-୨	୦.୦୩୬୭	ଲକ୍ଷ୍ମଣ ସାହୁ, ପି. ନାରାୟଣ ସାହୁ, ସା- ନିଜଗାଁ
୧୦୨	୧୦୩୬	ଦେବୋତ୍ତର	ଶାରଦ-୨	୦.୦୫୧୨	ଶ୍ରୀକାନ୍ତ ସାହୁ, ପି. ନାରାୟଣ ସାହୁ, ସା- ନିଜଗାଁ, ସୁଦାମ ସାହୁ
୧୦୩	୧୦୩୭	ଦେବୋତ୍ତର	ଶାରଦ-୨	୦.୦୪୪୫	ପ୍ରମୋଦ ସାହୁ, ପି. ବନମାଳୀ ସାହୁ, ସା- ନିଜଗାଁ
୧୦୪	୧୦୩୮	ଦେବୋତ୍ତର	ଶାରଦ-୨	୦.୦୬୭୩	ଶ୍ରୀ ଜଗନ୍ନାଥ ମହାପ୍ରଭୁ ବିଜେ ପୁରୀ, ମାର୍ଫତ ଦେବୋତ୍ତର କମିଶନର, ପରିଚାଳନା ସ୍ୱତ୍ୱ ରଘୁନାଥ ସାହୁ, ପି. ଭୀମ ସାହୁ, ପ୍ରଫୁଲ୍ଲ ସାହୁ, ପି. ନୀଳାମ୍ବର ସାହୁ
୧୦୫	୧୧୦	ଦେବୋତ୍ତର	ଶାରଦ-୨	୦.୦୩୯୮	ପ୍ରଭାକର ସାହୁ, ପି. ହରି ସାହୁ, ରାମଚନ୍ଦ୍ର ସାହୁ, ପି. ଦୁଃଖୀ ସାହୁ
୧୦୬	୧୧୦/୧୫୮୧	ଦେବୋତ୍ତର	ଶାରଦ-୨	୦.୦୧୨୭	ପ୍ରଭାକର ସାହୁ, ପି. ହରି ସାହୁ
୧୦୭	୧୧୧	ଦେବୋତ୍ତର	ଶାରଦ-୨	୦.୦୨୧୫	ରଘୁନାଥ ସାହୁ, ପି. ଭୀମ ସାହୁ
୧୦୮	୧୧୨	ଦେବୋତ୍ତର	ଶାରଦ-୨	୦.୦୩୮୨	ପ୍ରଫୁଲ୍ଲ ସାହୁ, ପି. ନୀଳାମ୍ବର ସାହୁ
୧୦୯	୧୧୩	ଦେବୋତ୍ତର	ଶାରଦ-୨	୦.୦୪୬୭	ଗୋପାଳ ସାହୁ, ପି. ନାରାୟଣ ସାହୁ
୧୧୦	୧୧୪	ଦେବୋତ୍ତର	ଶାରଦ-୨	୦.୦୯୨୫	ଭଗବାନ ସାହୁ, ରାଜେନ୍ଦ୍ର ସାହୁ, ସୁରେନ୍ଦ୍ର ସାହୁ, ପି. ଲୋକନାଥ ସାହୁ, ଜଗନ୍ନାଥ ସାହୁ, ପ୍ରଶାନ୍ତ ସାହୁ, ସୁଶାନ୍ତ ସାହୁ, ପି. ବାଳକୃଷ୍ଣ ସାହୁ
୧୧୧	୧୧୫	ଦେବୋତ୍ତର	ଶାରଦ-୨	୦.୦୧୫୪	ନିରଞ୍ଜନ ସାହୁ, ପି. ରାମ ସାହୁ
୧୧୨	୧୧୬	ଦେବୋତ୍ତର	ଶାରଦ-୨	୦.୦୨୬୯	ନରସିଂହ ସାହୁ, ପି. ଗଙ୍ଗାଧର ସାହୁ
୧୧୩	୧୧୭	ସରକାରୀ (ରାସ୍ତା)	ଗୋଚର	୦.୦୦୪୮	ଗ୍ରାମ ରାସ୍ତା
୧୧୪	୧୧୮	ଦେବୋତ୍ତର	ଶାରଦ-୨	୦.୦୩୪୭	ବିଶ୍ୱନାଥ ସାହୁ, ପି. ସୁଦର୍ଶନ ସାହୁ
୧୧୫	୧୧୯	ଦେବୋତ୍ତର	ଶାରଦ-୨	୦.୦୨୧୯	ଦାମୋଦର ସାହୁ, ପି. ଗୋପୀନାଥ ସାହୁ
୧୧୬	୧୨୦	ଦେବୋତ୍ତର	ଶାରଦ-୨	୦.୦୧୮୩	କୃଷ୍ଣଚନ୍ଦ୍ର ସାହୁ, ପି. ଚନ୍ଦ୍ରମଣି ସାହୁ
୧୧୭	୧୨୧	ଦେବୋତ୍ତର	ଶାରଦ-୨	୦.୦୪୧୨	ଉମାକାନ୍ତ ସାହୁ, ପି. ସୁରେନ୍ଦ୍ର ସାହୁ
୧୧୮	୧୨୨	ଦେବୋତ୍ତର	ଶାରଦ-୨	୦.୦୫୮୭	ପୀତାମ୍ବର ସାହୁ, ପି. ଭାଗବତ ସାହୁ, ପୁରୁଷୋତ୍ତମ ସାହୁ
୧୧୯	୧୨୩	ସରକାରୀ (ରାସ୍ତା)	ଗୋଚର	୦.୦୦୭୧	ଗ୍ରାମ ରାସ୍ତା
୧୨୦	୧୨୪	ଦେବୋତ୍ତର	ଶାରଦ-୨	୦.୦୨୯୪	ସୁଦାମ ସାହୁ, ପି. ବଳରାମ ସାହୁ
୧୨୧	୧୨୫	ଦେବୋତ୍ତର	ଶାରଦ-୨	୦.୦୩୬୩	କାଳନ୍ଦୀ ସାହୁ, ପି. ଦୁଃଖୀ ସାହୁ
୧୨୨	୧୨୬	ଦେବୋତ୍ତର	ଶାରଦ-୨	୦.୦୧୯୯	ଲୋକନାଥ ସାହୁ, ପି. ରାମ ସାହୁ
୧୨୩	୧୨୭	ଦେବୋତ୍ତର	ଶାରଦ-୨	୦.୦୪୨୭	ମଦନମୋହନ ସାହୁ, ପି. ବୈଷ୍ଣବ ସାହୁ
୧୨୪	୧୨୮	ଦେବୋତ୍ତର	ଶାରଦ-୨	୦.୦୬୪୮	ଗୋବର୍ଦ୍ଧନ ସାହୁ, ଗୁରୁଚରଣ ସାହୁ, ମୁରଳୀଧର ସାହୁ, ପି. ଶ୍ୟାମ ସାହୁ, ସାବିତ୍ରୀ ସାହୁ, ସ୍ୱା. ଭୀମସେନ ସାହୁ
୧୨୫	୧୨୯	ଦେବୋତ୍ତର	ଶାରଦ-୨	୦.୦୨୭୭	ହେମନ୍ତ କୁମାର ସାହୁ, ପି. ଲୋକନାଥ ସାହୁ
୧୨୬	୧୩୦	ଦେବୋତ୍ତର	ଶାରଦ-୨	୦.୦୧୬୨	ଉଦୟ ସାହୁ, ପି. ଚକ୍ରଧର ସାହୁ
୧୨୭	୧୩୧	ଦେବୋତ୍ତର	ଶାରଦ-୨	୦.୦୩୨୧	ପ୍ରଦୀପ୍ତ ସାହୁ, ପି. ଗୋଲକ ସାହୁ
୧୨୮	୧୩୨	ଦେବୋତ୍ତର	ଶାରଦ-୨	୦.୦୫୪୩	ଶ୍ରୀ ଜଗନ୍ନାଥ ମହାପ୍ରଭୁ ବିଜେ ପୁରୀ, ମାର୍ଫତ ଦେବୋତ୍ତର କମିଶନର, ପରିଚାଳନା ସ୍ୱତ୍ୱ ବିପିନ ସାହୁ
୧୨୯	୧୩୩	ଦେବୋତ୍ତର	ଶାରଦ-୨	୦.୦୨୩୬	ପୂର୍ଣ୍ଣଚନ୍ଦ୍ର ସାହୁ, ପି. ଗୋପୀନାଥ ସାହୁ
୧୩୦	୧୩୪/୧୫୮୦	ଦେବୋତ୍ତର	ଶାରଦ-୨	୦.୦୧୪୯	ନିତ୍ୟାନନ୍ଦ ସାହୁ, ପି. କୃଷ୍ଣ ସାହୁ
୧୩୧	୧୩୫	ଦେବୋତ୍ତର	ଶାରଦ-୨	୦.୦୪୭୮	ଚିନ୍ତାମଣି ସାହୁ, ପି. ଗୋବିନ୍ଦ ସାହୁ, ଭାଗୀରଥି ସାହୁ
୧୩୨	୧୩୬	ଦେବୋତ୍ତର	ଶାରଦ-୨	୦.୦୩୧୮	ଶଙ୍କର ସାହୁ, ପି. ରାଧାକୃଷ୍ଣ ସାହୁ
୧୩୩	୧୩୭	ଦେବୋତ୍ତର	ଶାରଦ-୨	୦.୦୨୬୧	ନରେନ୍ଦ୍ର ସାହୁ, ପି. ମଦନ ସାହୁ
୧୩୪	୧୩୮	ଦେବୋତ୍ତର	ଶାରଦ-୨	୦.୦୫୧୯	ଗୋପୀନାଥ ପଣ୍ଡା, ପି. ବାଞ୍ଛାନିଧି ପଣ୍ଡା, ଦେବାଶିଷ ପଣ୍ଡା, ପି. କାଳିଆ ପଣ୍ଡା, ସୁଭଦ୍ରା ପଣ୍ଡା
୧୩୫	୧୩୯	ଦେବୋତ୍ତର	ଶାରଦ-୨	୦.୦୨୧୧	ଦିବାକର ପଣ୍ଡା, ପି. ନୀଳକଣ୍ଠ ପଣ୍ଡା
୧୩୬	୧୪୦	ସରକାରୀ (ରାସ୍ତା)	ଗୋଚର	୦.୦୦୬୩	ଗ୍ରାମ ରାସ୍ତା
୧୩୭	୧୪୧	ଦେବୋତ୍ତର	ଶାରଦ-୨	୦.୦୪୮୩	ଜଗନ୍ନାଥ ପଣ୍ଡା, ପି. ଗୋପାଳ ପଣ୍ଡା, ସୁରେନ୍ଦ୍ର ପଣ୍ଡା, ଦିଲୀପ ପଣ୍ଡା, ପି. ବଳଭଦ୍ର ପଣ୍ଡା
୧୩୮	୧୪୨	ଦେବୋତ୍ତର	ଶାରଦ-୨	୦.୦୩୦୯	ରାମଚନ୍ଦ୍ର ପଣ୍ଡା, ପି. ଗୋବିନ୍ଦ ପଣ୍ଡା
୧୩୯	୧୪୩	ଦେବୋତ୍ତର	ଶାରଦ-୨	୦.୦୫୬୭	ଗୋପୀନାଥ ପଣ୍ଡା, ପି. ବାଞ୍ଛାନିଧି ପଣ୍ଡା, ସାବିତ୍ରୀ ପଣ୍ଡା, ସ୍ୱା. ବାସୁଦେବ ପଣ୍ଡା
୧୪୦	୧୪୪	ଦେବୋତ୍ତର	ଶାରଦ-୨	୦.୦୧୭୫	ସତ୍ୟପ୍ରିୟ ପଣ୍ଡା, ପି. ଅନନ୍ତ ପଣ୍ଡା
